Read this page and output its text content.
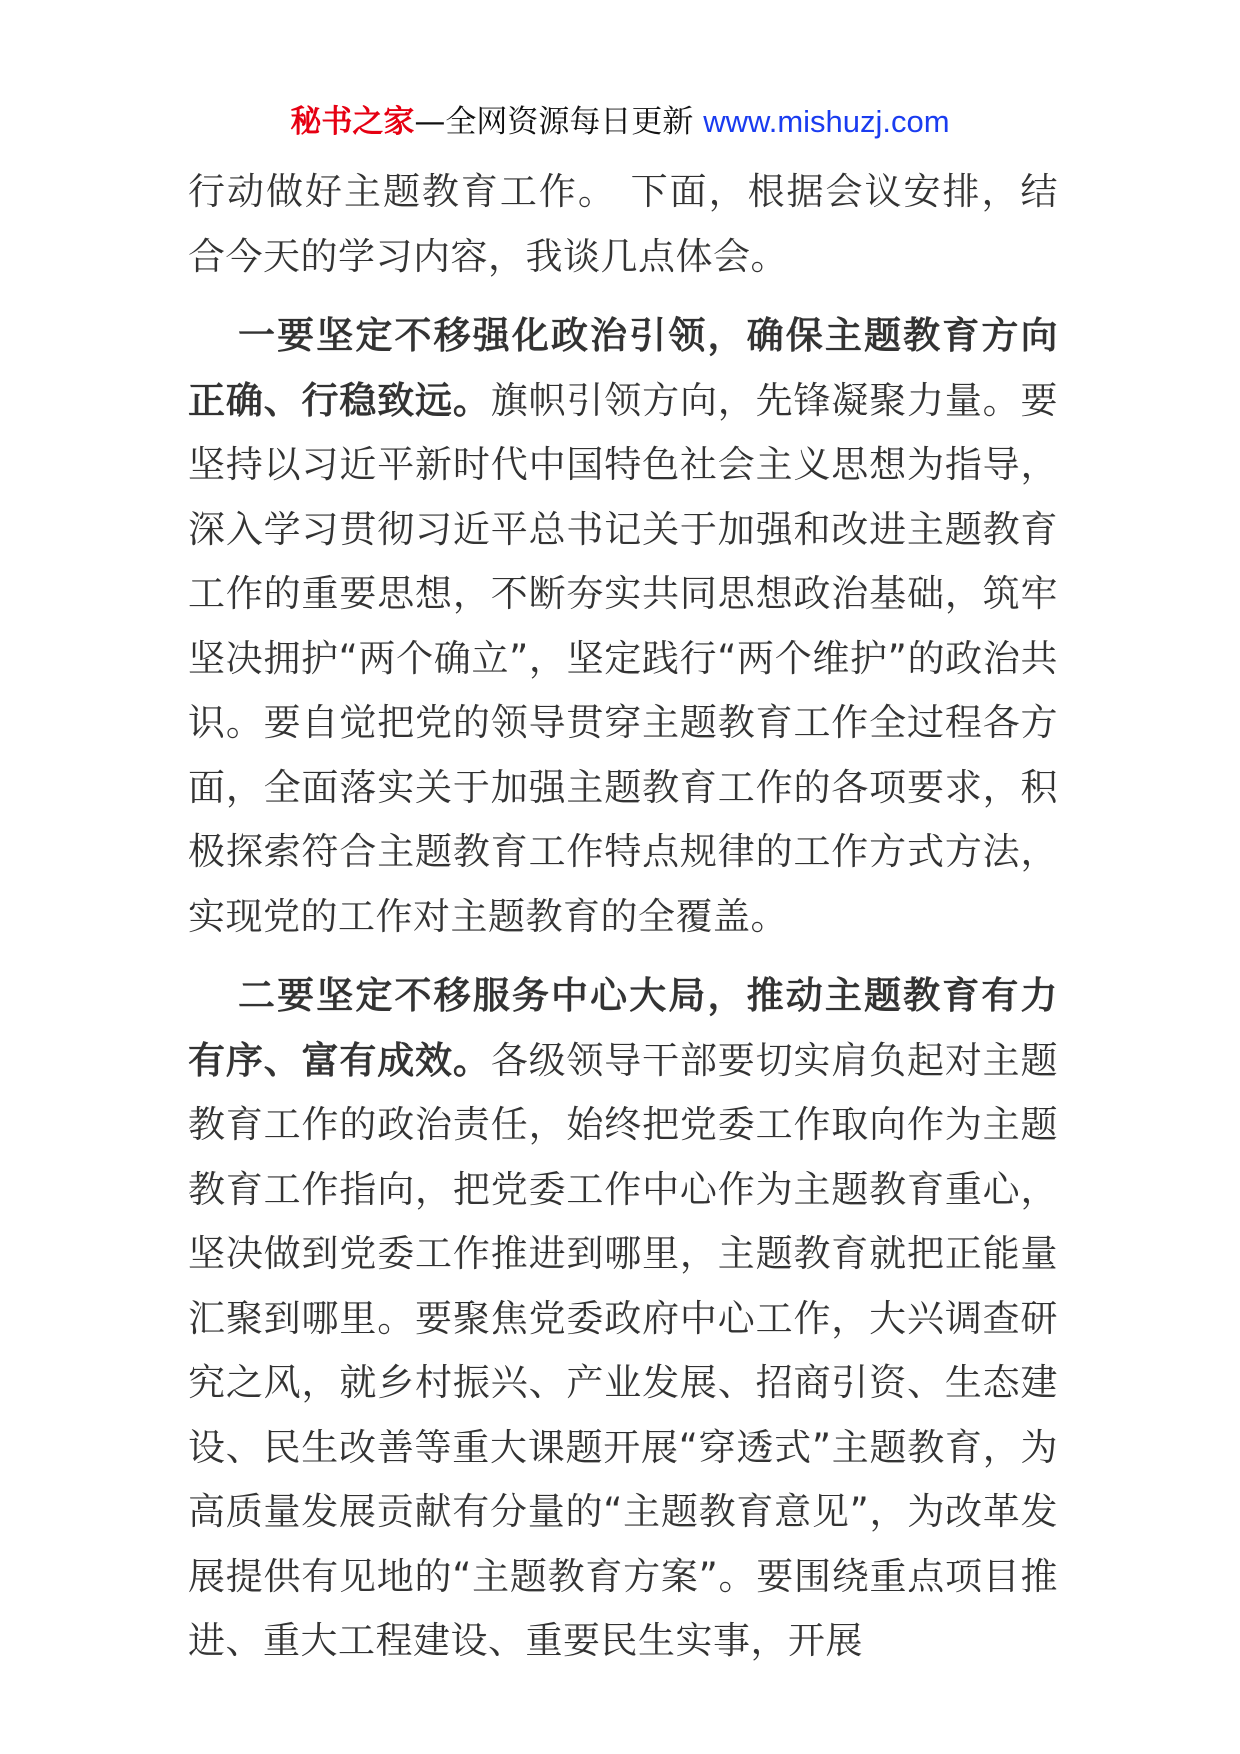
秘书之家—全网资源每日更新 www.mishuzj.com

行动做好主题教育工作。 下面，根据会议安排，结合今天的学习内容，我谈几点体会。

一要坚定不移强化政治引领，确保主题教育方向正确、行稳致远。旗帜引领方向，先锋凝聚力量。要坚持以习近平新时代中国特色社会主义思想为指导，深入学习贯彻习近平总书记关于加强和改进主题教育工作的重要思想，不断夯实共同思想政治基础，筑牢坚决拥护“两个确立”，坚定践行“两个维护”的政治共识。要自觉把党的领导贯穿主题教育工作全过程各方面，全面落实关于加强主题教育工作的各项要求，积极探索符合主题教育工作特点规律的工作方式方法，实现党的工作对主题教育的全覆盖。

二要坚定不移服务中心大局，推动主题教育有力有序、富有成效。各级领导干部要切实肩负起对主题教育工作的政治责任，始终把党委工作取向作为主题教育工作指向，把党委工作中心作为主题教育重心，坚决做到党委工作推进到哪里，主题教育就把正能量汇聚到哪里。要聚焦党委政府中心工作，大兴调查研究之风，就乡村振兴、产业发展、招商引资、生态建设、民生改善等重大课题开展“穿透式”主题教育，为高质量发展贡献有分量的“主题教育意见”，为改革发展提供有见地的“主题教育方案”。要围绕重点项目推进、重大工程建设、重要民生实事，开展
